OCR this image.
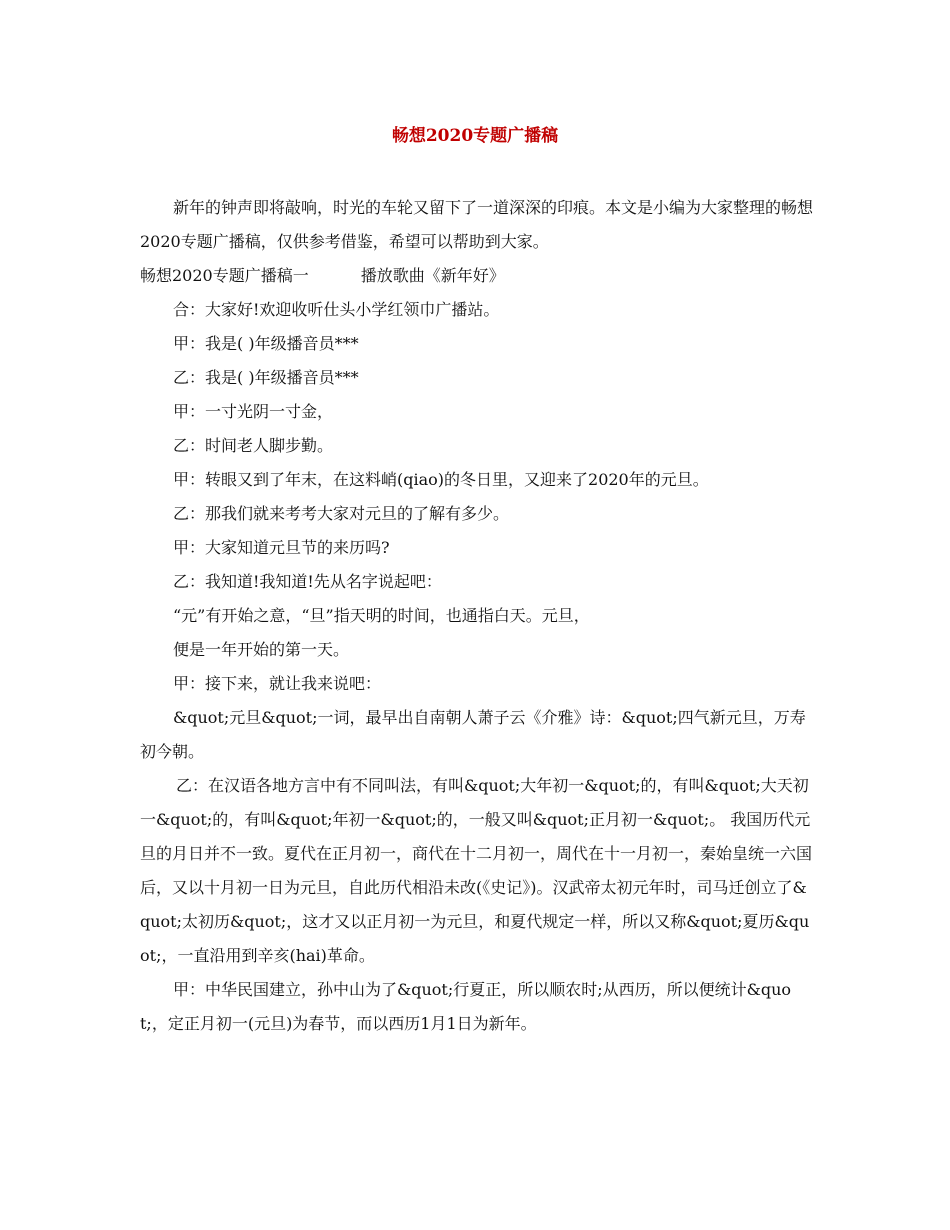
畅想2020专题广播稿

新年的钟声即将敲响，时光的车轮又留下了一道深深的印痕。本文是小编为大家整理的畅想2020专题广播稿，仅供参考借鉴，希望可以帮助到大家。

畅想2020专题广播稿一	播放歌曲《新年好》

合：大家好!欢迎收听仕头小学红领巾广播站。

甲：我是( )年级播音员***

乙：我是( )年级播音员***

甲：一寸光阴一寸金，

乙：时间老人脚步勤。

甲：转眼又到了年末，在这料峭(qiao)的冬日里，又迎来了2020年的元旦。

乙：那我们就来考考大家对元旦的了解有多少。

甲：大家知道元旦节的来历吗?

乙：我知道!我知道!先从名字说起吧：

“元”有开始之意，“旦”指天明的时间，也通指白天。元旦，

便是一年开始的第一天。

甲：接下来，就让我来说吧：

&quot;元旦&quot;一词，最早出自南朝人萧子云《介雅》诗：&quot;四气新元旦，万寿初今朝。

乙：在汉语各地方言中有不同叫法，有叫&quot;大年初一&quot;的，有叫&quot;大天初一&quot;的，有叫&quot;年初一&quot;的，一般又叫&quot;正月初一&quot;。 我国历代元旦的月日并不一致。夏代在正月初一，商代在十二月初一，周代在十一月初一，秦始皇统一六国后，又以十月初一日为元旦，自此历代相沿未改(《史记》)。汉武帝太初元年时，司马迁创立了&quot;太初历&quot;，这才又以正月初一为元旦，和夏代规定一样，所以又称&quot;夏历&quot;，一直沿用到辛亥(hai)革命。

甲：中华民国建立，孙中山为了&quot;行夏正，所以顺农时;从西历，所以便统计&quot;，定正月初一(元旦)为春节，而以西历1月1日为新年。
